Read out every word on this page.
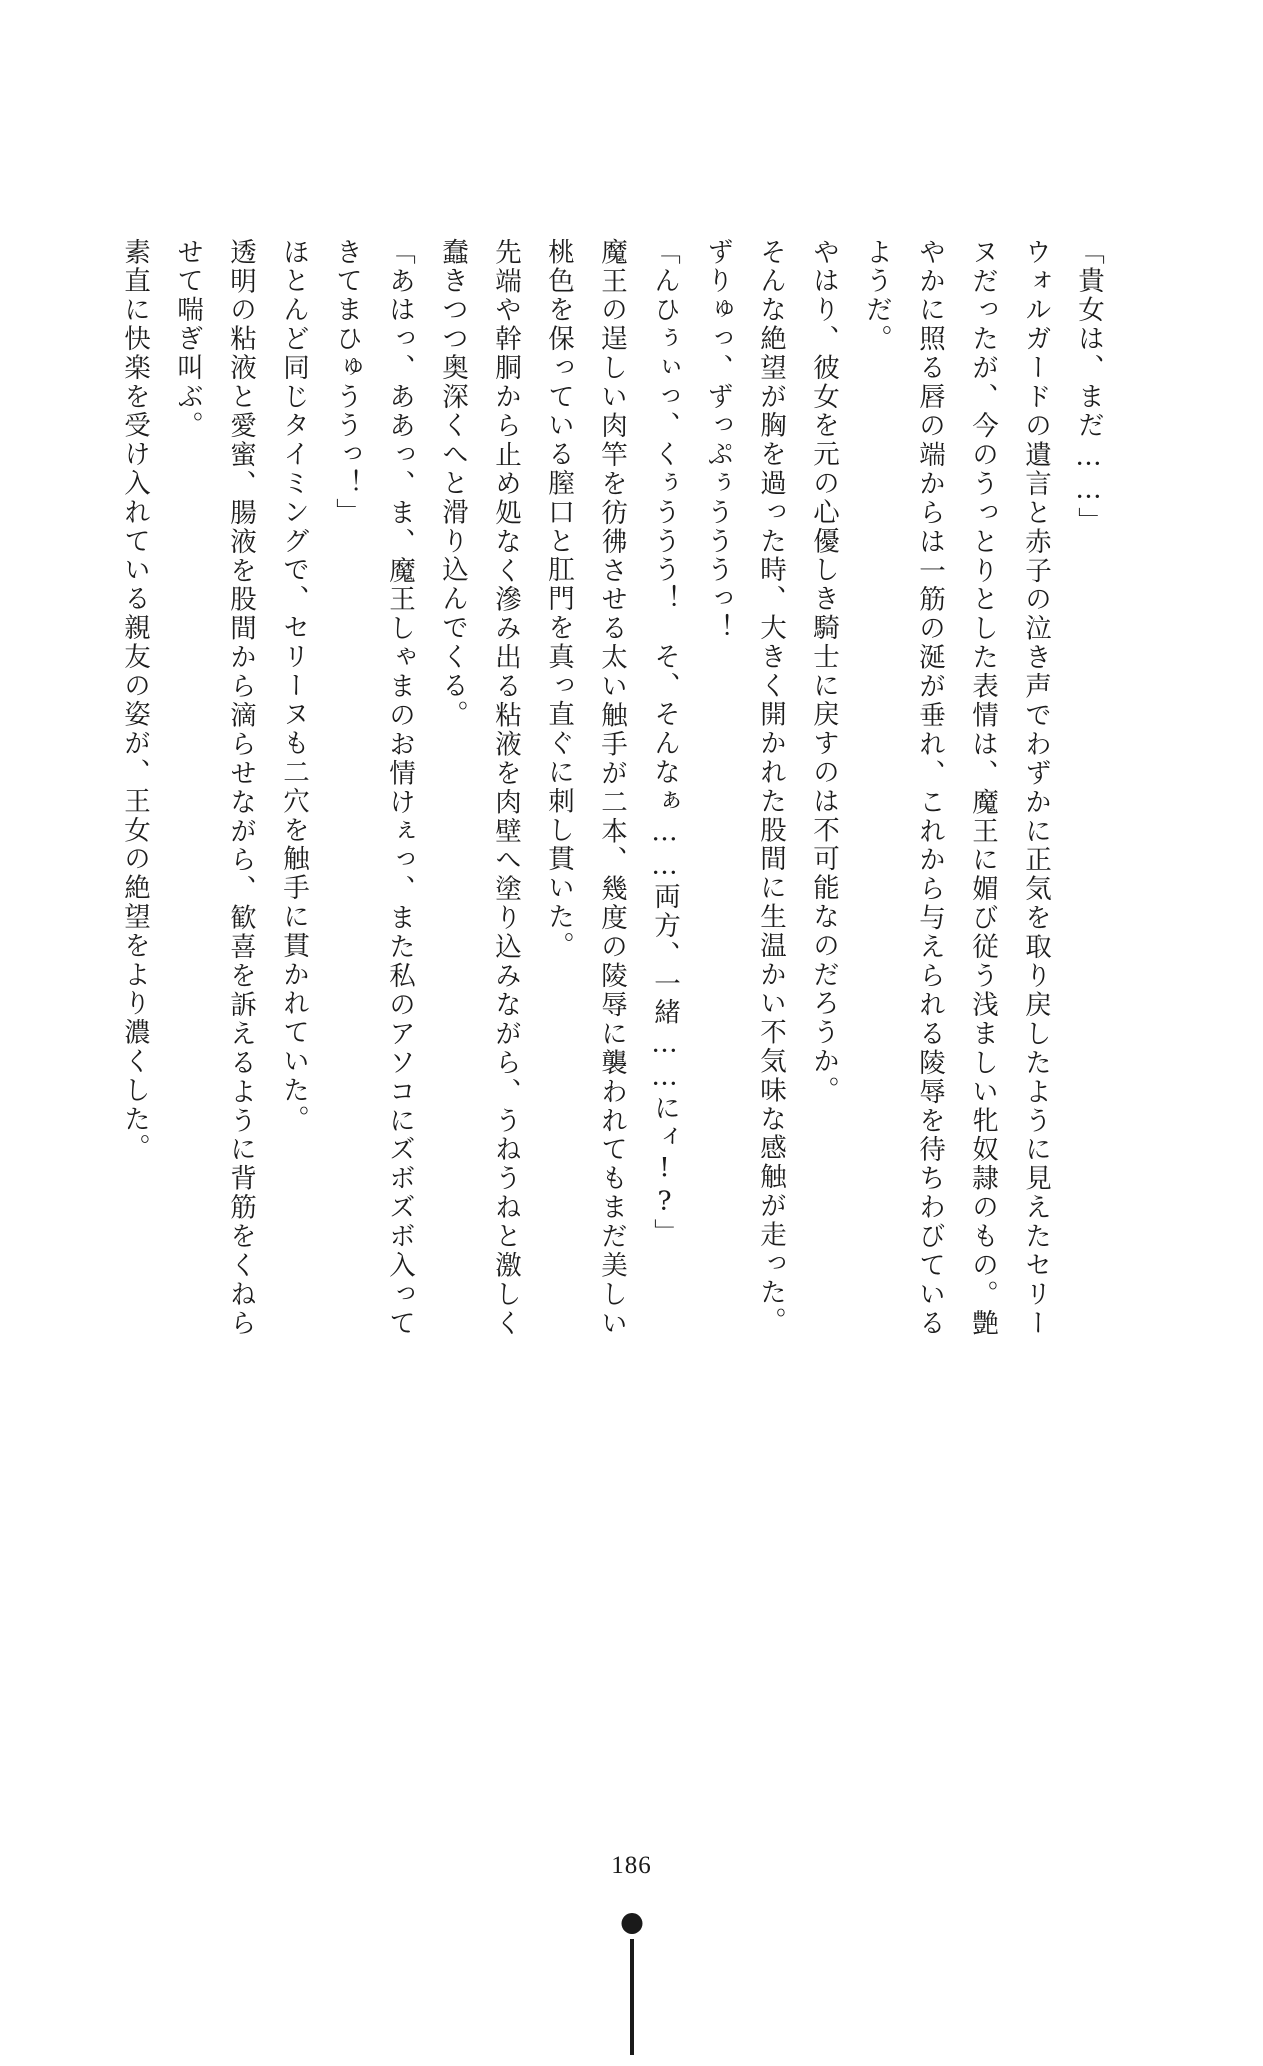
「貴女は、まだ……」

ウォルガードの遺言と赤子の泣き声でわずかに正気を取り戻したように見えたセリーヌだったが、今のうっとりとした表情は、魔王に媚び従う浅ましい牝奴隷のもの。艶やかに照る唇の端からは一筋の涎が垂れ、これから与えられる陵辱を待ちわびているようだ。

やはり、彼女を元の心優しき騎士に戻すのは不可能なのだろうか。

そんな絶望が胸を過った時、大きく開かれた股間に生温かい不気味な感触が走った。

ずりゅっ、ずっぷぅうううっ！

「んひぅぃっ、くぅううう！　そ、そんなぁ……両方、一緒……にィ!?」

魔王の逞しい肉竿を彷彿させる太い触手が二本、幾度の陵辱に襲われてもまだ美しい桃色を保っている膣口と肛門を真っ直ぐに刺し貫いた。

先端や幹胴から止め処なく滲み出る粘液を肉壁へ塗り込みながら、うねうねと激しく蠢きつつ奥深くへと滑り込んでくる。

「あはっ、ああっ、ま、魔王しゃまのお情けぇっ、また私のアソコにズボズボ入ってきてまひゅううっ！」

ほとんど同じタイミングで、セリーヌも二穴を触手に貫かれていた。

透明の粘液と愛蜜、腸液を股間から滴らせながら、歓喜を訴えるように背筋をくねらせて喘ぎ叫ぶ。

素直に快楽を受け入れている親友の姿が、王女の絶望をより濃くした。

186
